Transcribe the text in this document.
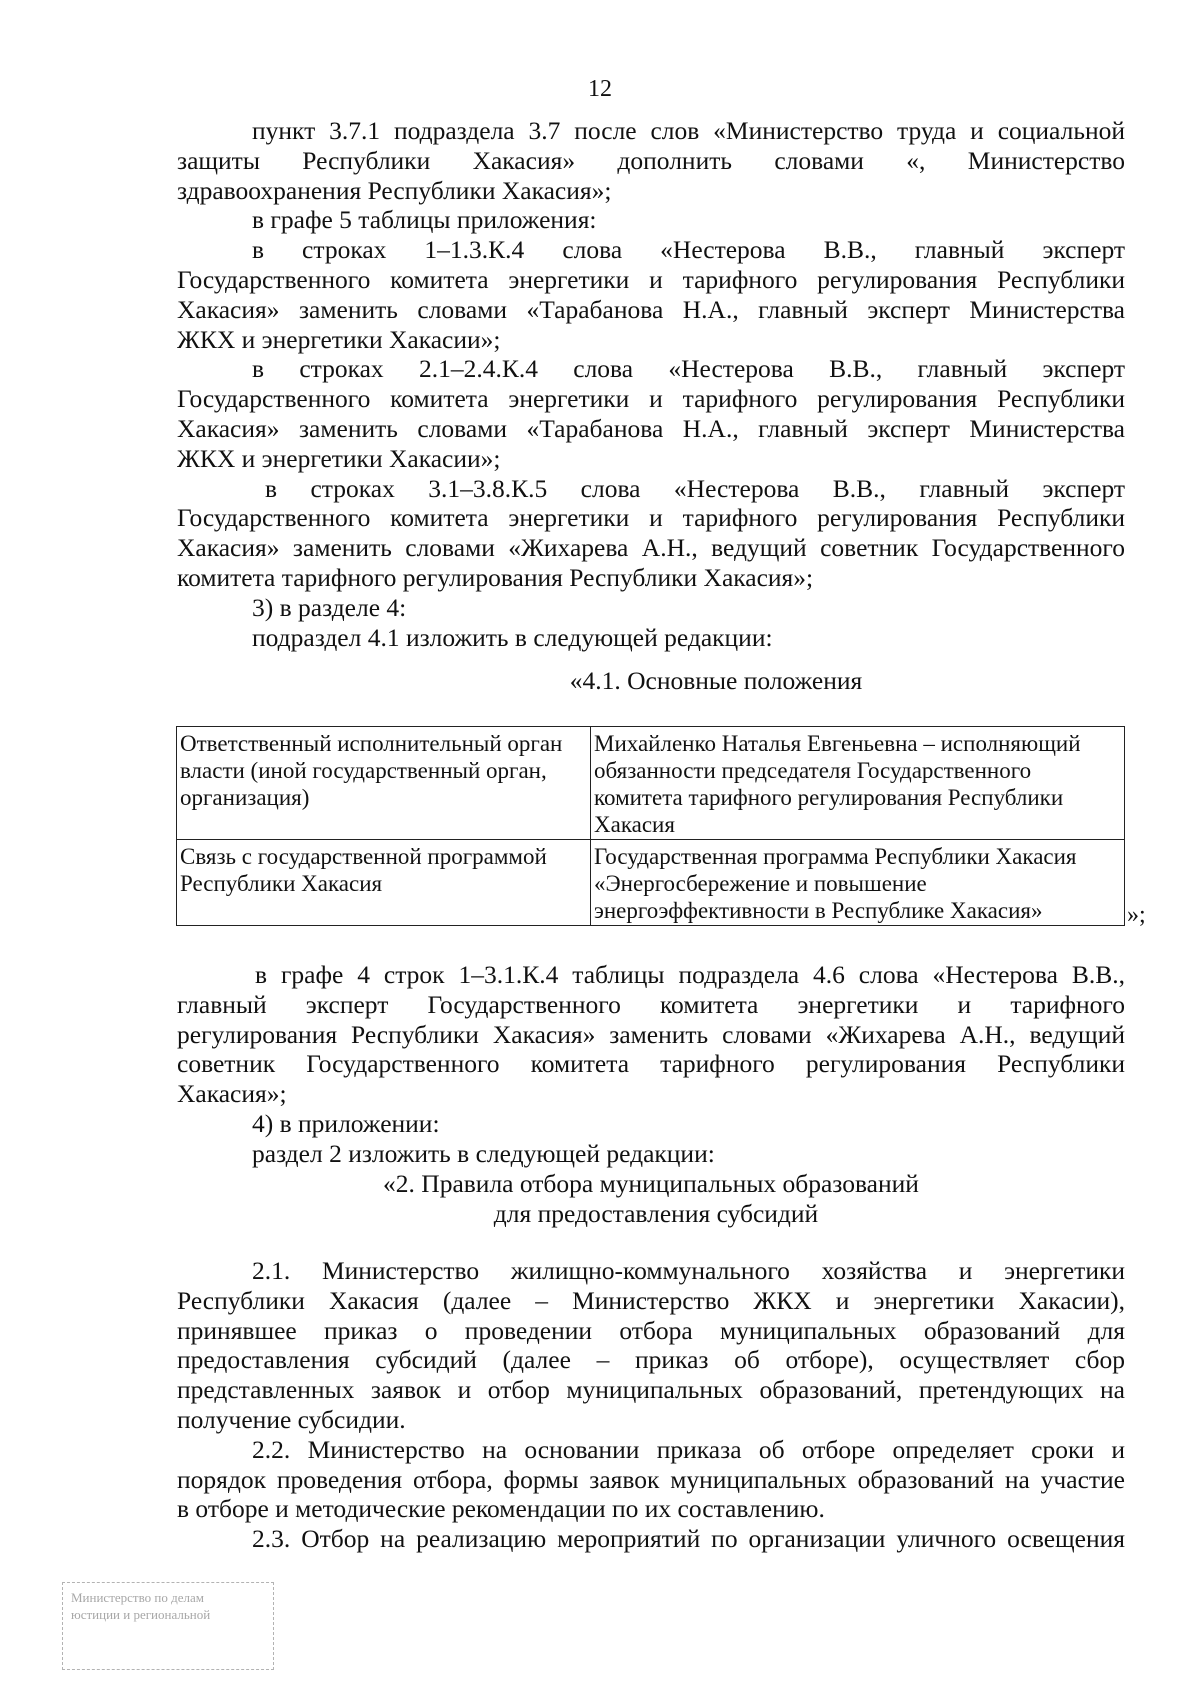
12

пункт 3.7.1 подраздела 3.7 после слов «Министерство труда и социальной

защиты Республики Хакасия» дополнить словами «, Министерство

здравоохранения Республики Хакасия»;

в графе 5 таблицы приложения:

в строках 1–1.3.К.4 слова «Нестерова В.В., главный эксперт

Государственного комитета энергетики и тарифного регулирования Республики

Хакасия» заменить словами «Тарабанова Н.А., главный эксперт Министерства

ЖКХ и энергетики Хакасии»;

в строках 2.1–2.4.К.4 слова «Нестерова В.В., главный эксперт

Государственного комитета энергетики и тарифного регулирования Республики

Хакасия» заменить словами «Тарабанова Н.А., главный эксперт Министерства

ЖКХ и энергетики Хакасии»;

в строках 3.1–3.8.К.5 слова «Нестерова В.В., главный эксперт

Государственного комитета энергетики и тарифного регулирования Республики

Хакасия» заменить словами «Жихарева А.Н., ведущий советник Государственного

комитета тарифного регулирования Республики Хакасия»;

3) в разделе 4:

подраздел 4.1 изложить в следующей редакции:

«4.1. Основные положения

Ответственный исполнительный орган власти (иной государственный орган, организация)	Михайленко Наталья Евгеньевна – исполняющий обязанности председателя Государственного комитета тарифного регулирования Республики Хакасия
Связь с государственной программой Республики Хакасия	Государственная программа Республики Хакасия «Энергосбережение и повышение энергоэффективности в Республике Хакасия»	»;

в графе 4 строк 1–3.1.К.4 таблицы подраздела 4.6 слова «Нестерова В.В.,

главный эксперт Государственного комитета энергетики и тарифного

регулирования Республики Хакасия» заменить словами «Жихарева А.Н., ведущий

советник Государственного комитета тарифного регулирования Республики

Хакасия»;

4) в приложении:

раздел 2 изложить в следующей редакции:

«2. Правила отбора муниципальных образований

для предоставления субсидий

2.1. Министерство жилищно-коммунального хозяйства и энергетики

Республики Хакасия (далее – Министерство ЖКХ и энергетики Хакасии),

принявшее приказ о проведении отбора муниципальных образований для

предоставления субсидий (далее – приказ об отборе), осуществляет сбор

представленных заявок и отбор муниципальных образований, претендующих на

получение субсидии.

2.2. Министерство на основании приказа об отборе определяет сроки и

порядок проведения отбора, формы заявок муниципальных образований на участие

в отборе и методические рекомендации по их составлению.

2.3. Отбор на реализацию мероприятий по организации уличного освещения

Министерство по делам
юстиции и региональной
